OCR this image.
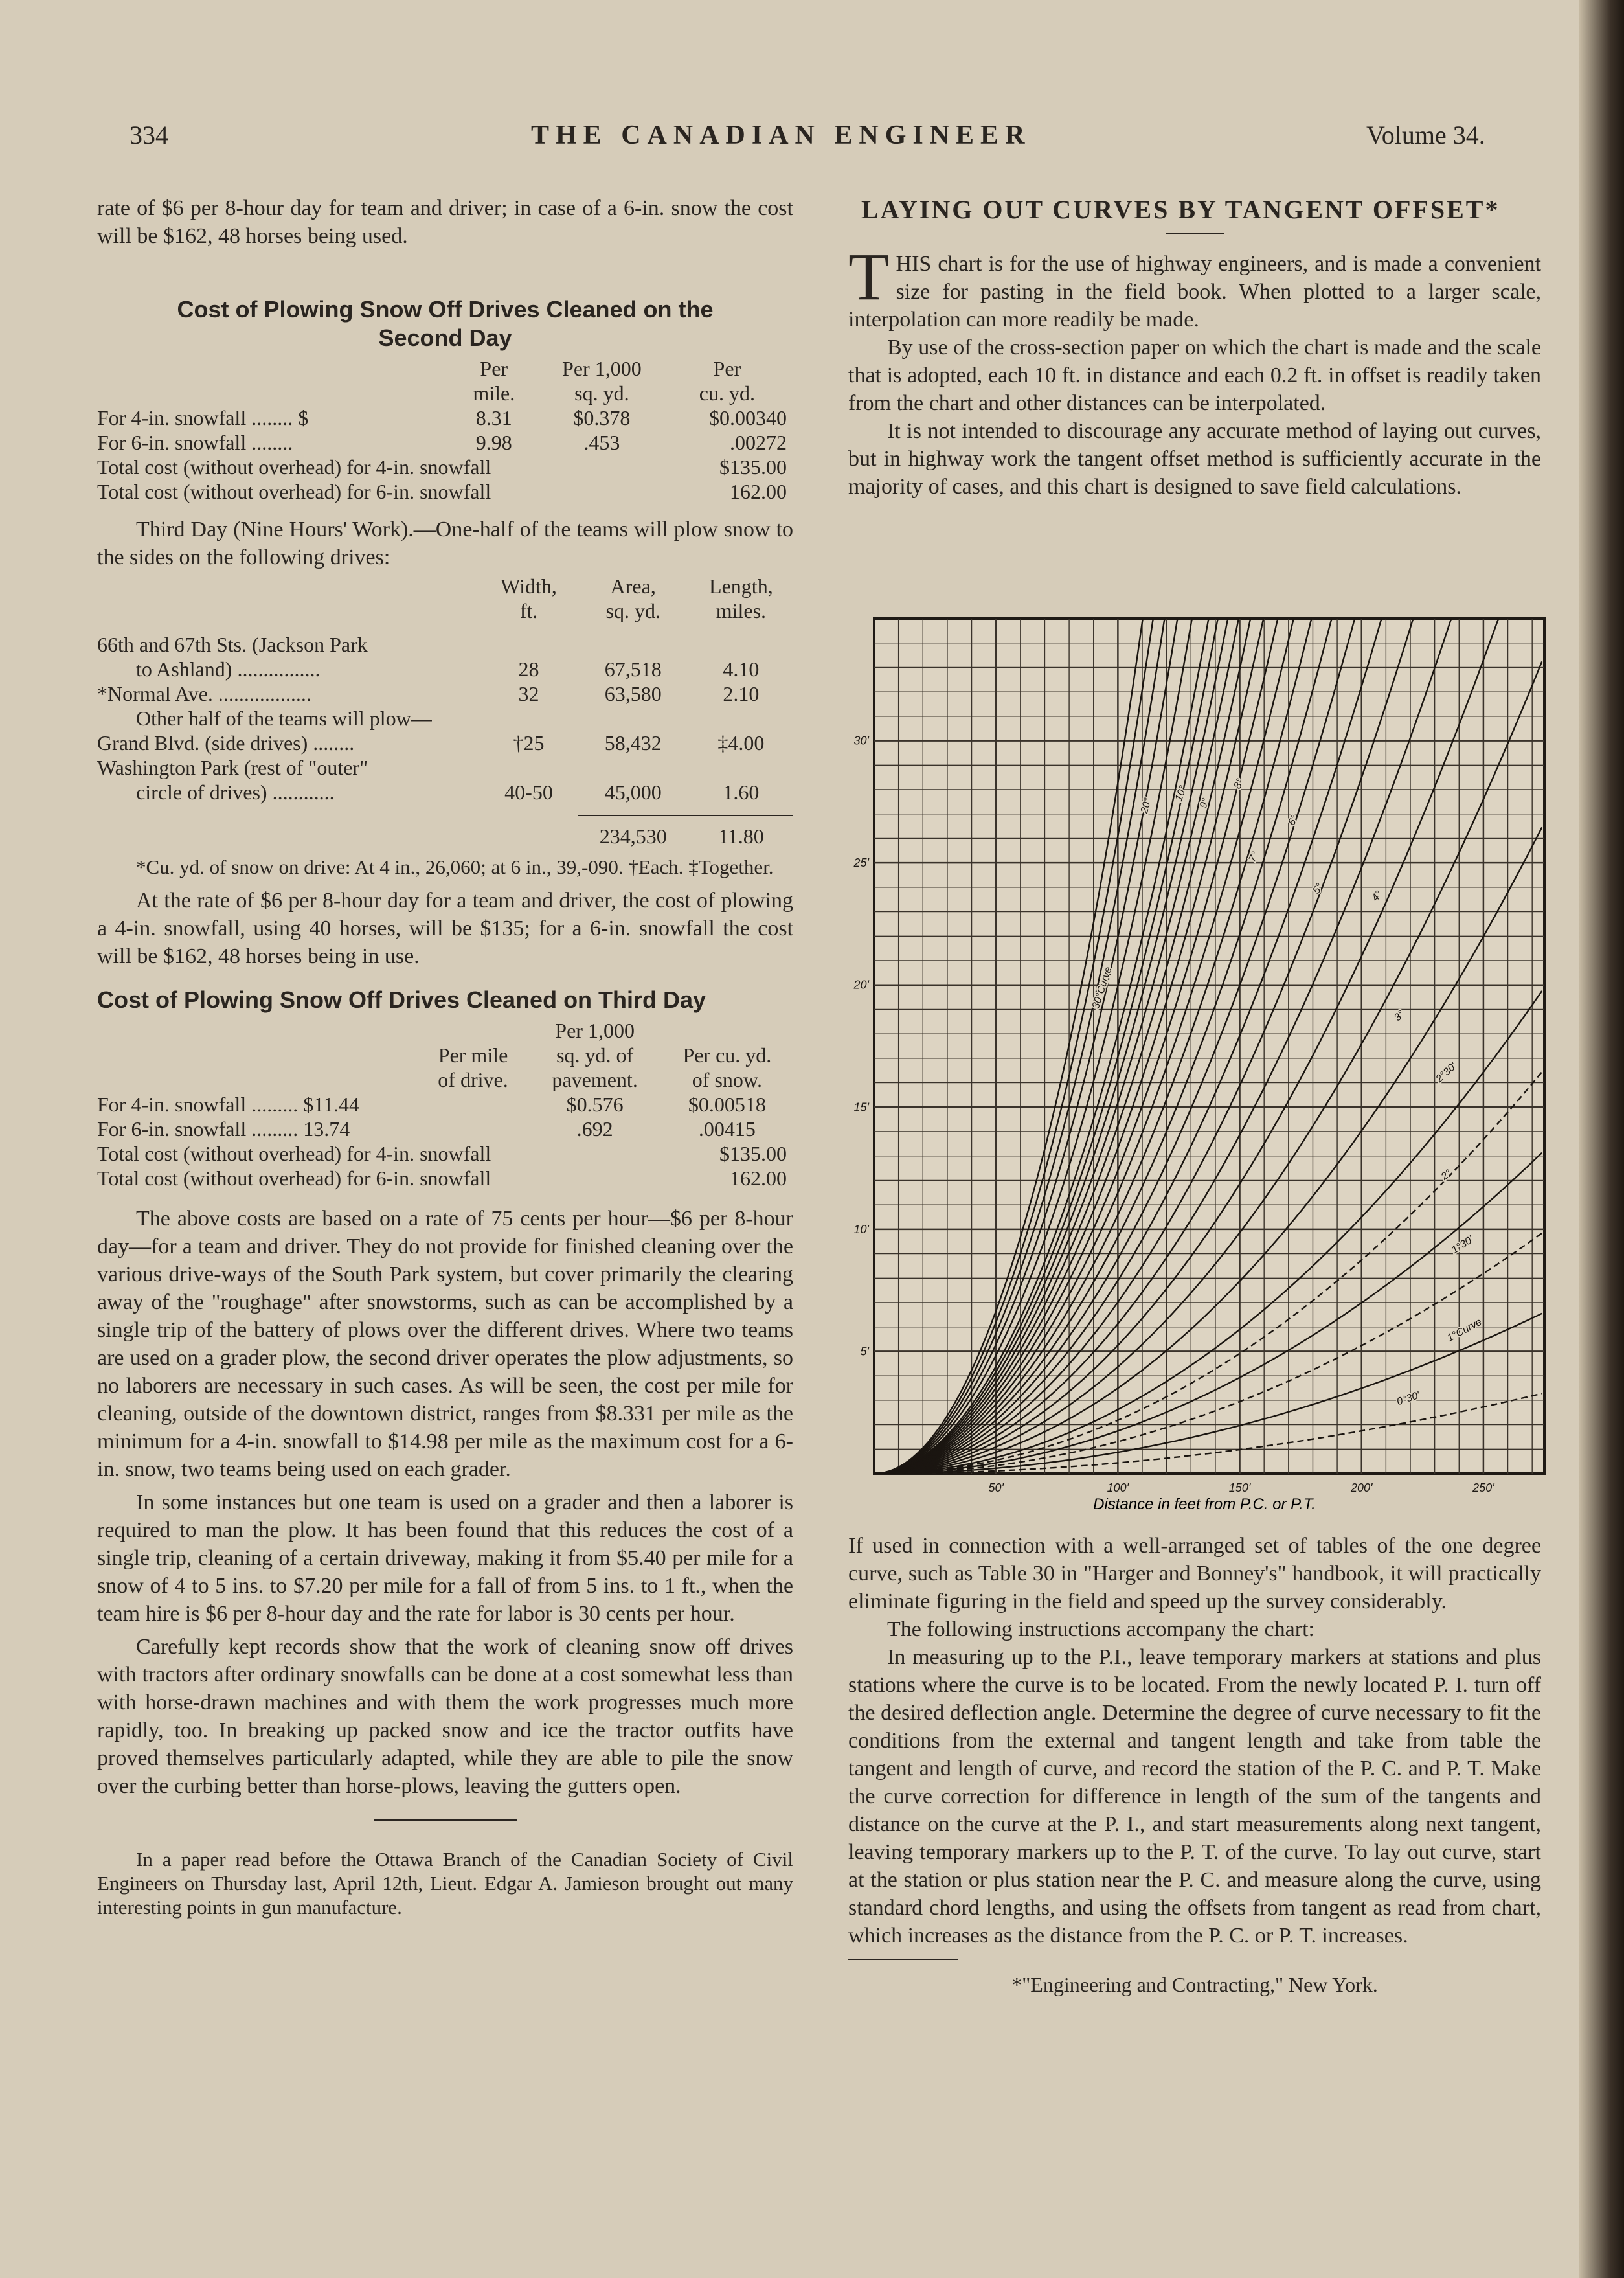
334	THE CANADIAN ENGINEER	Volume 34.

rate of $6 per 8-hour day for team and driver; in case of a 6-in. snow the cost will be $162, 48 horses being used.

Cost of Plowing Snow Off Drives Cleaned on the Second Day
	Per	Per 1,000	Per
	mile.	sq. yd.	cu. yd.
For 4-in. snowfall ........ $	8.31	$0.378	$0.00340
For 6-in. snowfall ........	9.98	.453	.00272
Total cost (without overhead) for 4-in. snowfall			$135.00
Total cost (without overhead) for 6-in. snowfall			162.00

Third Day (Nine Hours' Work).—One-half of the teams will plow snow to the sides on the following drives:

	Width,	Area,	Length,
	ft.	sq. yd.	miles.

66th and 67th Sts. (Jackson Park			
to Ashland) ................	28	67,518	4.10
*Normal Ave. ..................	32	63,580	2.10
Other half of the teams will plow—			
Grand Blvd. (side drives) ........	†25	58,432	‡4.00
Washington Park (rest of "outer"			
circle of drives) ............	40-50	45,000	1.60

		234,530	11.80

*Cu. yd. of snow on drive: At 4 in., 26,060; at 6 in., 39,-090. †Each. ‡Together.

At the rate of $6 per 8-hour day for a team and driver, the cost of plowing a 4-in. snowfall, using 40 horses, will be $135; for a 6-in. snowfall the cost will be $162, 48 horses being in use.

Cost of Plowing Snow Off Drives Cleaned on Third Day
		Per 1,000	
	Per mile	sq. yd. of	Per cu. yd.
	of drive.	pavement.	of snow.
For 4-in. snowfall ......... $11.44		$0.576	$0.00518
For 6-in. snowfall ......... 13.74		.692	.00415
Total cost (without overhead) for 4-in. snowfall			$135.00
Total cost (without overhead) for 6-in. snowfall			162.00

The above costs are based on a rate of 75 cents per hour—$6 per 8-hour day—for a team and driver. They do not provide for finished cleaning over the various drive-ways of the South Park system, but cover primarily the clearing away of the "roughage" after snowstorms, such as can be accomplished by a single trip of the battery of plows over the different drives. Where two teams are used on a grader plow, the second driver operates the plow adjustments, so no laborers are necessary in such cases. As will be seen, the cost per mile for cleaning, outside of the downtown district, ranges from $8.331 per mile as the minimum for a 4-in. snowfall to $14.98 per mile as the maximum cost for a 6-in. snow, two teams being used on each grader.

In some instances but one team is used on a grader and then a laborer is required to man the plow. It has been found that this reduces the cost of a single trip, cleaning of a certain driveway, making it from $5.40 per mile for a snow of 4 to 5 ins. to $7.20 per mile for a fall of from 5 ins. to 1 ft., when the team hire is $6 per 8-hour day and the rate for labor is 30 cents per hour.

Carefully kept records show that the work of cleaning snow off drives with tractors after ordinary snowfalls can be done at a cost somewhat less than with horse-drawn machines and with them the work progresses much more rapidly, too. In breaking up packed snow and ice the tractor outfits have proved themselves particularly adapted, while they are able to pile the snow over the curbing better than horse-plows, leaving the gutters open.

In a paper read before the Ottawa Branch of the Canadian Society of Civil Engineers on Thursday last, April 12th, Lieut. Edgar A. Jamieson brought out many interesting points in gun manufacture.

LAYING OUT CURVES BY TANGENT OFFSET*

THIS chart is for the use of highway engineers, and is made a convenient size for pasting in the field book. When plotted to a larger scale, interpolation can more readily be made.

By use of the cross-section paper on which the chart is made and the scale that is adopted, each 10 ft. in distance and each 0.2 ft. in offset is readily taken from the chart and other distances can be interpolated.

It is not intended to discourage any accurate method of laying out curves, but in highway work the tangent offset method is sufficiently accurate in the majority of cases, and this chart is designed to save field calculations.

Distance in feet from P.C. or P.T.
50'	100'	150'	200'	250'
5'
10'
15'
20'
25'
30'
30°Curve
20°
10°
9°
8°
7°
6°
5°
4°
3°
2°30'
2°
1°30'
1°Curve
0°30'

If used in connection with a well-arranged set of tables of the one degree curve, such as Table 30 in "Harger and Bonney's" handbook, it will practically eliminate figuring in the field and speed up the survey considerably.

The following instructions accompany the chart:

In measuring up to the P.I., leave temporary markers at stations and plus stations where the curve is to be located. From the newly located P. I. turn off the desired deflection angle. Determine the degree of curve necessary to fit the conditions from the external and tangent length and take from table the tangent and length of curve, and record the station of the P. C. and P. T. Make the curve correction for difference in length of the sum of the tangents and distance on the curve at the P. I., and start measurements along next tangent, leaving temporary markers up to the P. T. of the curve. To lay out curve, start at the station or plus station near the P. C. and measure along the curve, using standard chord lengths, and using the offsets from tangent as read from chart, which increases as the distance from the P. C. or P. T. increases.

*"Engineering and Contracting," New York.
